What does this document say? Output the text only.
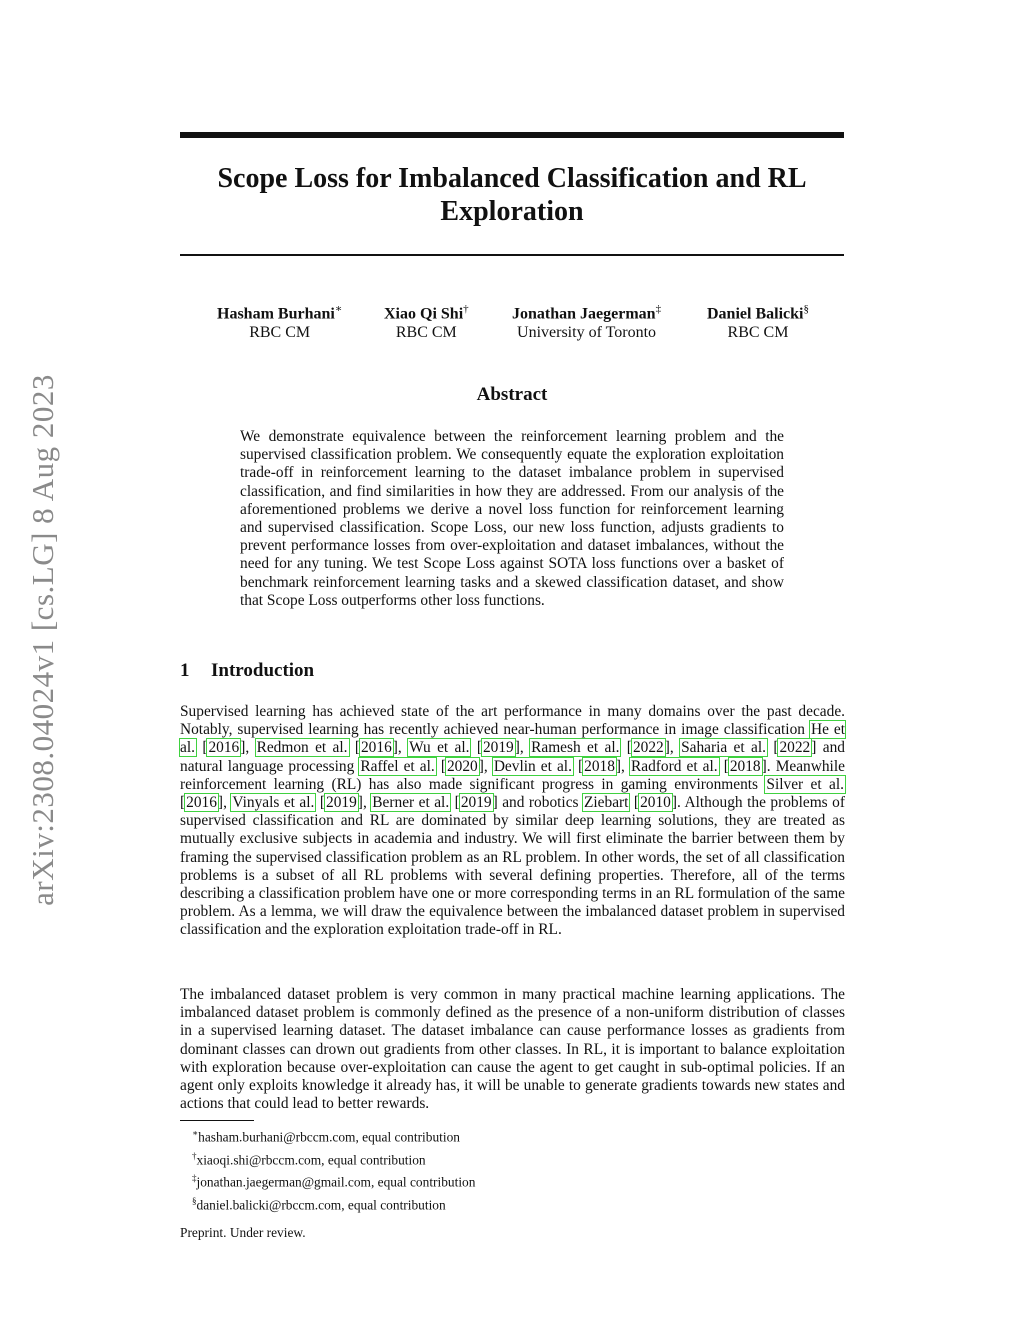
arXiv:2308.04024v1 [cs.LG] 8 Aug 2023
Scope Loss for Imbalanced Classification and RL Exploration
Hasham Burhani∗
RBC CM
Xiao Qi Shi†
RBC CM
Jonathan Jaegerman‡
University of Toronto
Daniel Balicki§
RBC CM
Abstract

We demonstrate equivalence between the reinforcement learning problem and the supervised classification problem. We consequently equate the exploration exploitation trade-off in reinforcement learning to the dataset imbalance problem in supervised classification, and find similarities in how they are addressed. From our analysis of the aforementioned problems we derive a novel loss function for reinforcement learning and supervised classification. Scope Loss, our new loss function, adjusts gradients to prevent performance losses from over-exploitation and dataset imbalances, without the need for any tuning. We test Scope Loss against SOTA loss functions over a basket of benchmark reinforcement learning tasks and a skewed classification dataset, and show that Scope Loss outperforms other loss functions.

1 Introduction

Supervised learning has achieved state of the art performance in many domains over the past decade. Notably, supervised learning has recently achieved near-human performance in image classification He et al. [2016], Redmon et al. [2016], Wu et al. [2019], Ramesh et al. [2022], Saharia et al. [2022] and natural language processing Raffel et al. [2020], Devlin et al. [2018], Radford et al. [2018]. Meanwhile reinforcement learning (RL) has also made significant progress in gaming environments Silver et al. [2016], Vinyals et al. [2019], Berner et al. [2019] and robotics Ziebart [2010]. Although the problems of supervised classification and RL are dominated by similar deep learning solutions, they are treated as mutually exclusive subjects in academia and industry. We will first eliminate the barrier between them by framing the supervised classification problem as an RL problem. In other words, the set of all classification problems is a subset of all RL problems with several defining properties. Therefore, all of the terms describing a classification problem have one or more corresponding terms in an RL formulation of the same problem. As a lemma, we will draw the equivalence between the imbalanced dataset problem in supervised classification and the exploration exploitation trade-off in RL.

The imbalanced dataset problem is very common in many practical machine learning applications. The imbalanced dataset problem is commonly defined as the presence of a non-uniform distribution of classes in a supervised learning dataset. The dataset imbalance can cause performance losses as gradients from dominant classes can drown out gradients from other classes. In RL, it is important to balance exploitation with exploration because over-exploitation can cause the agent to get caught in sub-optimal policies. If an agent only exploits knowledge it already has, it will be unable to generate gradients towards new states and actions that could lead to better rewards.

∗hasham.burhani@rbccm.com, equal contribution
†xiaoqi.shi@rbccm.com, equal contribution
‡jonathan.jaegerman@gmail.com, equal contribution
§daniel.balicki@rbccm.com, equal contribution

Preprint. Under review.
